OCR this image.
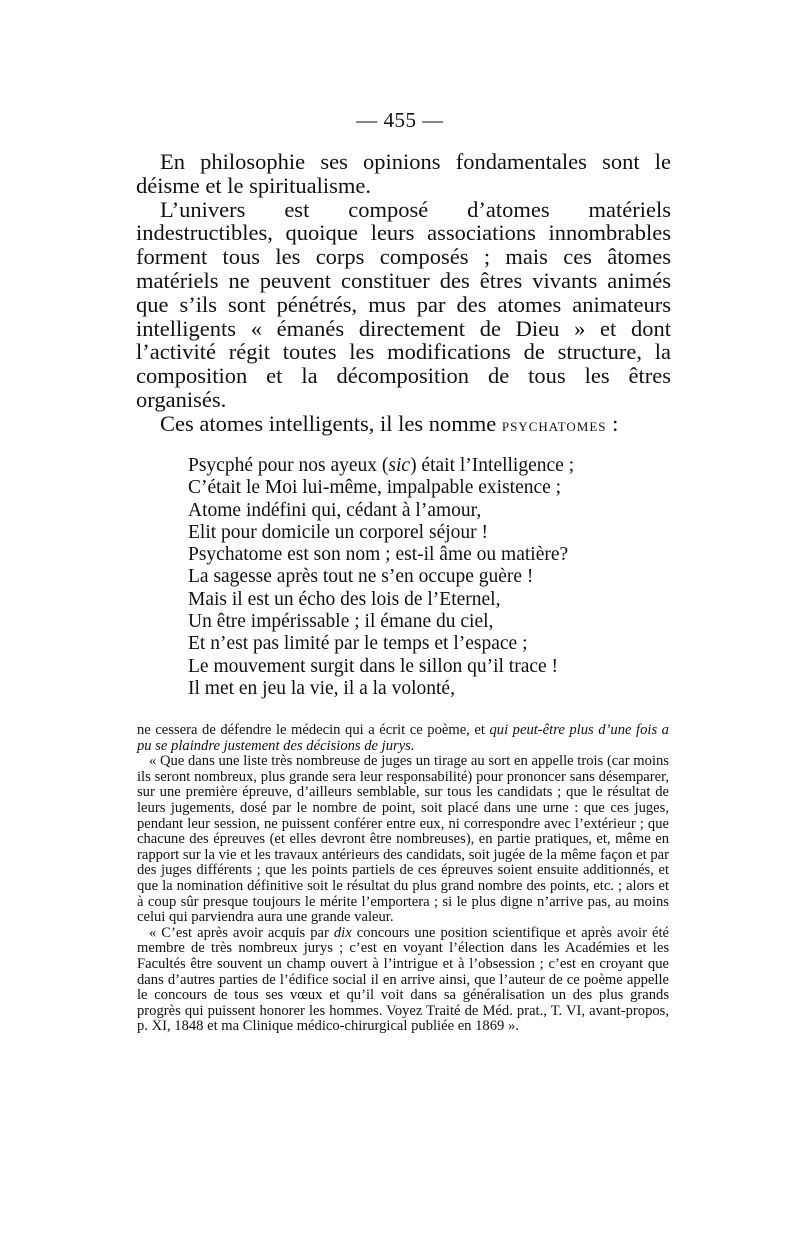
— 455 —

En philosophie ses opinions fondamentales sont le déisme et le spiritualisme.

L’univers est composé d’atomes matériels indestructibles, quoique leurs associations innombrables forment tous les corps composés ; mais ces âtomes matériels ne peuvent constituer des êtres vivants animés que s’ils sont pénétrés, mus par des atomes animateurs intelligents « émanés directement de Dieu » et dont l’activité régit toutes les modifications de structure, la composition et la décomposition de tous les êtres organisés.

Ces atomes intelligents, il les nomme psychatomes :

Psycphé pour nos ayeux (sic) était l’Intelligence ;
C’était le Moi lui-même, impalpable existence ;
Atome indéfini qui, cédant à l’amour,
Elit pour domicile un corporel séjour !
Psychatome est son nom ; est-il âme ou matière?
La sagesse après tout ne s’en occupe guère !
Mais il est un écho des lois de l’Eternel,
Un être impérissable ; il émane du ciel,
Et n’est pas limité par le temps et l’espace ;
Le mouvement surgit dans le sillon qu’il trace !
Il met en jeu la vie, il a la volonté,

ne cessera de défendre le médecin qui a écrit ce poème, et qui peut-être plus d’une fois a pu se plaindre justement des décisions de jurys.

« Que dans une liste très nombreuse de juges un tirage au sort en appelle trois (car moins ils seront nombreux, plus grande sera leur responsabilité) pour prononcer sans désemparer, sur une première épreuve, d’ailleurs semblable, sur tous les candidats ; que le résultat de leurs jugements, dosé par le nombre de point, soit placé dans une urne : que ces juges, pendant leur session, ne puissent conférer entre eux, ni correspondre avec l’extérieur ; que chacune des épreuves (et elles devront être nombreuses), en partie pratiques, et, même en rapport sur la vie et les travaux antérieurs des candidats, soit jugée de la même façon et par des juges différents ; que les points partiels de ces épreuves soient ensuite additionnés, et que la nomination définitive soit le résultat du plus grand nombre des points, etc. ; alors et à coup sûr presque toujours le mérite l’emportera ; si le plus digne n’arrive pas, au moins celui qui parviendra aura une grande valeur.

« C’est après avoir acquis par dix concours une position scientifique et après avoir été membre de très nombreux jurys ; c’est en voyant l’élection dans les Académies et les Facultés être souvent un champ ouvert à l’intrigue et à l’obsession ; c’est en croyant que dans d’autres parties de l’édifice social il en arrive ainsi, que l’auteur de ce poème appelle le concours de tous ses vœux et qu’il voit dans sa généralisation un des plus grands progrès qui puissent honorer les hommes. Voyez Traité de Méd. prat., T. VI, avant-propos, p. XI, 1848 et ma Clinique médico-chirurgical publiée en 1869 ».
